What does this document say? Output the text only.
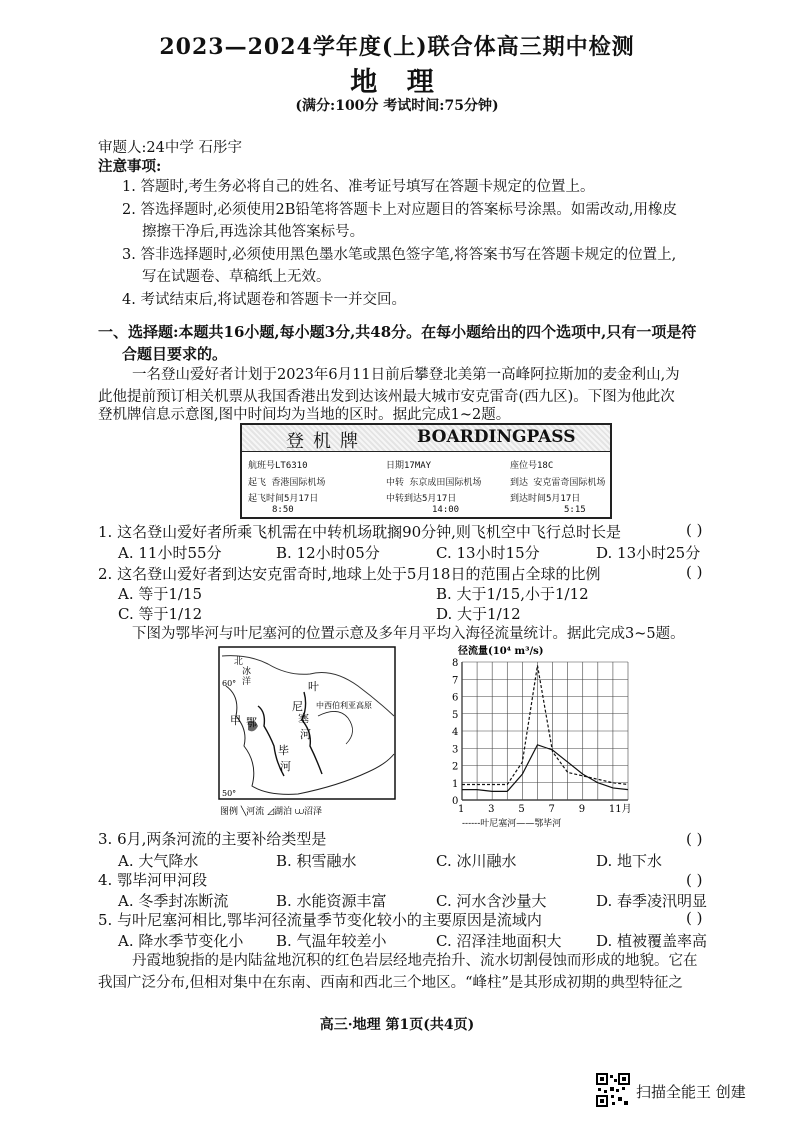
2023—2024学年度(上)联合体高三期中检测
地 理
(满分:100分 考试时间:75分钟)
审题人:24中学 石彤宇
注意事项:
1. 答题时,考生务必将自己的姓名、准考证号填写在答题卡规定的位置上。
2. 答选择题时,必须使用2B铅笔将答题卡上对应题目的答案标号涂黑。如需改动,用橡皮
擦擦干净后,再选涂其他答案标号。
3. 答非选择题时,必须使用黑色墨水笔或黑色签字笔,将答案书写在答题卡规定的位置上,
写在试题卷、草稿纸上无效。
4. 考试结束后,将试题卷和答题卡一并交回。
一、选择题:本题共16小题,每小题3分,共48分。在每小题给出的四个选项中,只有一项是符
合题目要求的。
一名登山爱好者计划于2023年6月11日前后攀登北美第一高峰阿拉斯加的麦金利山,为
此他提前预订相关机票从我国香港出发到达该州最大城市安克雷奇(西九区)。下图为他此次
登机牌信息示意图,图中时间均为当地的区时。据此完成1~2题。
登机牌	BOARDINGPASS
航班号LT6310	日期17MAY	座位号18C
起飞 香港国际机场	中转 东京成田国际机场	到达 安克雷奇国际机场
起飞时间5月17日	中转到达5月17日	到达时间5月17日
8:50	14:00	5:15
1. 这名登山爱好者所乘飞机需在中转机场耽搁90分钟,则飞机空中飞行总时长是	( )
A. 11小时55分	B. 12小时05分	C. 13小时15分	D. 13小时25分
2. 这名登山爱好者到达安克雷奇时,地球上处于5月18日的范围占全球的比例	( )
A. 等于1/15	B. 大于1/15,小于1/12
C. 等于1/12	D. 大于1/12
下图为鄂毕河与叶尼塞河的位置示意及多年月平均入海径流量统计。据此完成3~5题。
北
冰
洋	叶
尼 中西伯利亚高原
甲 鄂
毕
河
塞
河
50°
60°
图例 ╲河流 ◿湖泊 ⩊沼泽
径流量(10⁴ m³/s)
0
1
2
3
4
5
6
7
8
1 3 5 7 9 11月
------叶尼塞河——鄂毕河
3. 6月,两条河流的主要补给类型是	( )
A. 大气降水	B. 积雪融水	C. 冰川融水	D. 地下水
4. 鄂毕河甲河段	( )
A. 冬季封冻断流	B. 水能资源丰富	C. 河水含沙量大	D. 春季凌汛明显
5. 与叶尼塞河相比,鄂毕河径流量季节变化较小的主要原因是流域内	( )
A. 降水季节变化小 B. 气温年较差小	C. 沼泽洼地面积大 D. 植被覆盖率高
丹霞地貌指的是内陆盆地沉积的红色岩层经地壳抬升、流水切割侵蚀而形成的地貌。它在
我国广泛分布,但相对集中在东南、西南和西北三个地区。“峰柱”是其形成初期的典型特征之
高三·地理 第1页(共4页)
扫描全能王 创建
